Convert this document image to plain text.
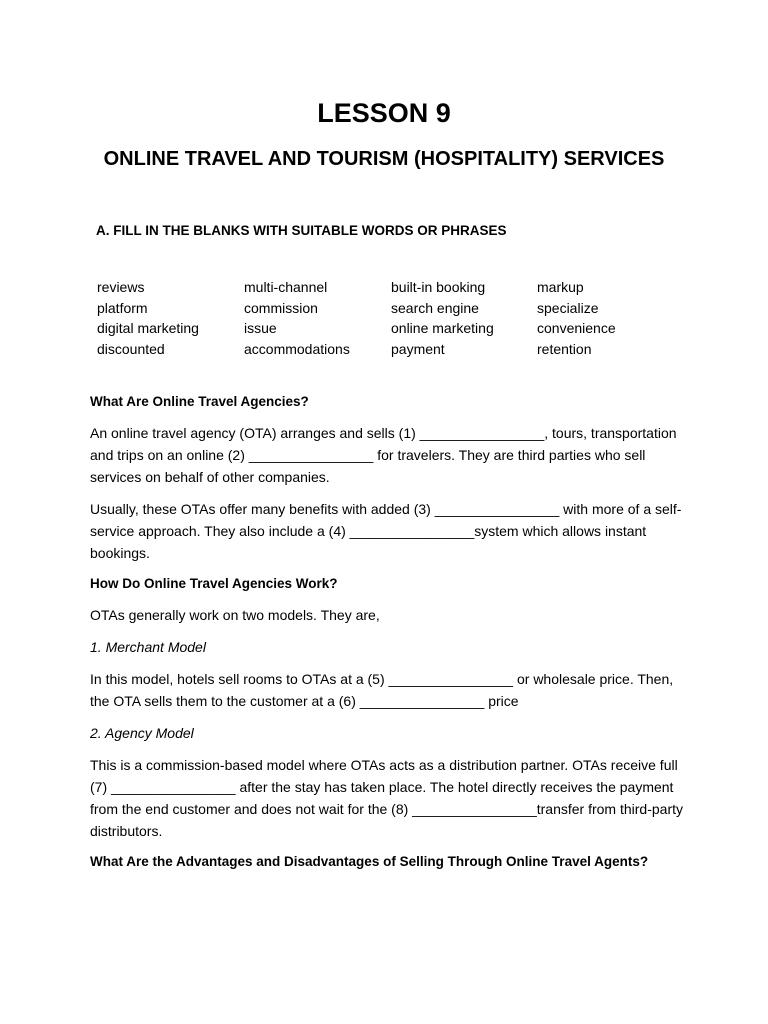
LESSON 9
ONLINE TRAVEL AND TOURISM (HOSPITALITY) SERVICES
A. FILL IN THE BLANKS WITH SUITABLE WORDS OR PHRASES
reviews	multi-channel	built-in booking	markup
platform	commission	search engine	specialize
digital marketing	issue	online marketing	convenience
discounted	accommodations	payment	retention
What Are Online Travel Agencies?

An online travel agency (OTA) arranges and sells (1) ________________, tours, transportation and trips on an online (2) ________________ for travelers. They are third parties who sell services on behalf of other companies.

Usually, these OTAs offer many benefits with added (3) ________________ with more of a self-service approach. They also include a (4) ________________system which allows instant bookings.

How Do Online Travel Agencies Work?

OTAs generally work on two models. They are,

1. Merchant Model

In this model, hotels sell rooms to OTAs at a (5) ________________ or wholesale price. Then, the OTA sells them to the customer at a (6) ________________ price

2. Agency Model

This is a commission-based model where OTAs acts as a distribution partner. OTAs receive full (7) ________________ after the stay has taken place. The hotel directly receives the payment from the end customer and does not wait for the (8) ________________transfer from third-party distributors.

What Are the Advantages and Disadvantages of Selling Through Online Travel Agents?
